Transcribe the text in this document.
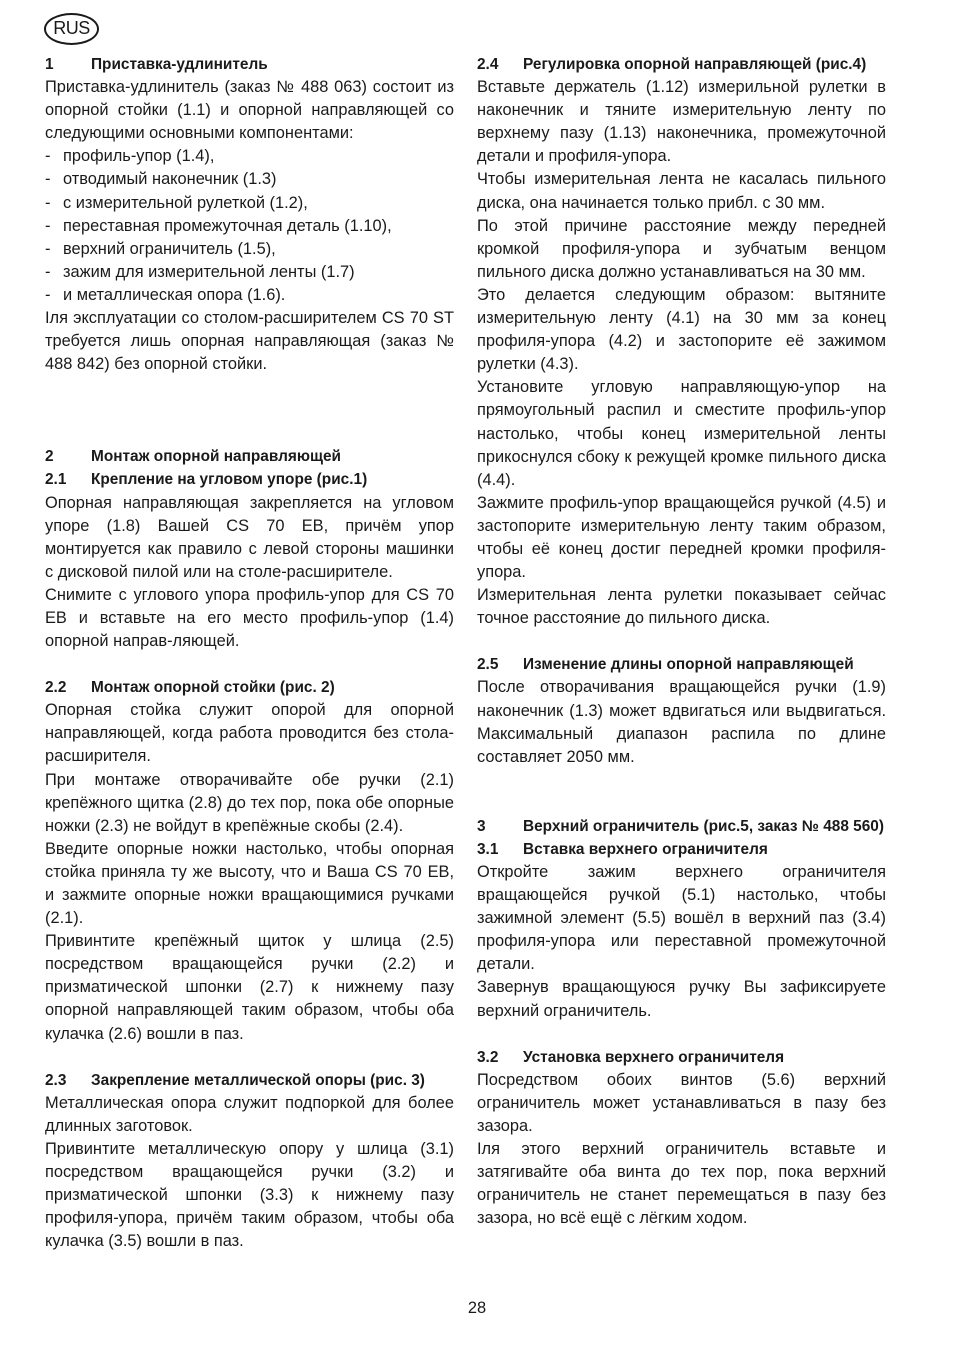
RUS
1	Приставка-удлинитель

Приставка-удлинитель (заказ № 488 063) состоит из опорной стойки (1.1) и опорной направляющей со следующими основными компонентами:

- профиль-упор (1.4),
- отводимый наконечник (1.3)
- с измерительной рулеткой (1.2),
- переставная промежуточная деталь (1.10),
- верхний ограничитель (1.5),
- зажим для измерительной ленты (1.7)
- и металлическая опора (1.6).

Iля эксплуатации со столом-расширителем CS 70 ST требуется лишь опорная направляющая (заказ № 488 842) без опорной стойки.

2	Монтаж опорной направляющей
2.1	Крепление на угловом упоре (рис.1)

Опорная направляющая закрепляется на угловом упоре (1.8) Вашей CS 70 EB, причём упор монтируется как правило с левой стороны машинки с дисковой пилой или на столе-расширителе.

Снимите с углового упора профиль-упор для CS 70 EB и вставьте на его место профиль-упор (1.4) опорной направ-ляющей.

2.2	Монтаж опорной стойки (рис. 2)

Опорная стойка служит опорой для опорной направляющей, когда работа проводится без стола-расширителя.

При монтаже отворачивайте обе ручки (2.1) крепёжного щитка (2.8) до тех пор, пока обе опорные ножки (2.3) не войдут в крепёжные скобы (2.4).

Введите опорные ножки настолько, чтобы опорная стойка приняла ту же высоту, что и Ваша CS 70 EB, и зажмите опорные ножки вращающимися ручками (2.1).

Привинтите крепёжный щиток у шлица (2.5) посредством вращающейся ручки (2.2) и призматической шпонки (2.7) к нижнему пазу опорной направляющей таким образом, чтобы оба кулачка (2.6) вошли в паз.

2.3	Закрепление металлической опоры (рис. 3)

Металлическая опора служит подпоркой для более длинных заготовок.

Привинтите металлическую опору у шлица (3.1) посредством вращающейся ручки (3.2) и призматической шпонки (3.3) к нижнему пазу профиля-упора, причём таким образом, чтобы оба кулачка (3.5) вошли в паз.

2.4	Регулировка опорной направляющей (рис.4)

Вставьте держатель (1.12) измерильной рулетки в наконечник и тяните измерительную ленту по верхнему пазу (1.13) наконечника, промежуточной детали и профиля-упора.

Чтобы измерительная лента не касалась пильного диска, она начинается только прибл. с 30 мм.

По этой причине расстояние между передней кромкой профиля-упора и зубчатым венцом пильного диска должно устанавливаться на 30 мм.

Это делается следующим образом: вытяните измерительную ленту (4.1) на 30 мм за конец профиля-упора (4.2) и застопорите её зажимом рулетки (4.3).

Установите угловую направляющую-упор на прямоугольный распил и сместите профиль-упор настолько, чтобы конец измерительной ленты прикоснулся сбоку к режущей кромке пильного диска (4.4).

Зажмите профиль-упор вращающейся ручкой (4.5) и застопорите измерительную ленту таким образом, чтобы её конец достиг передней кромки профиля-упора.

Измерительная лента рулетки показывает сейчас точное расстояние до пильного диска.

2.5	Изменение длины опорной направляющей

После отворачивания вращающейся ручки (1.9) наконечник (1.3) может вдвигаться или выдвигаться. Максимальный диапазон распила по длине составляет 2050 мм.

3	Верхний ограничитель (рис.5, заказ № 488 560)
3.1	Вставка верхнего ограничителя

Откройте зажим верхнего ограничителя вращающейся ручкой (5.1) настолько, чтобы зажимной элемент (5.5) вошёл в верхний паз (3.4) профиля-упора или переставной промежуточной детали.

Завернув вращающуюся ручку Вы зафиксируете верхний ограничитель.

3.2	Установка верхнего ограничителя

Посредством обоих винтов (5.6) верхний ограничитель может устанавливаться в пазу без зазора.

Iля этого верхний ограничитель вставьте и затягивайте оба винта до тех пор, пока верхний ограничитель не станет перемещаться в пазу без зазора, но всё ещё с лёгким ходом.

28
